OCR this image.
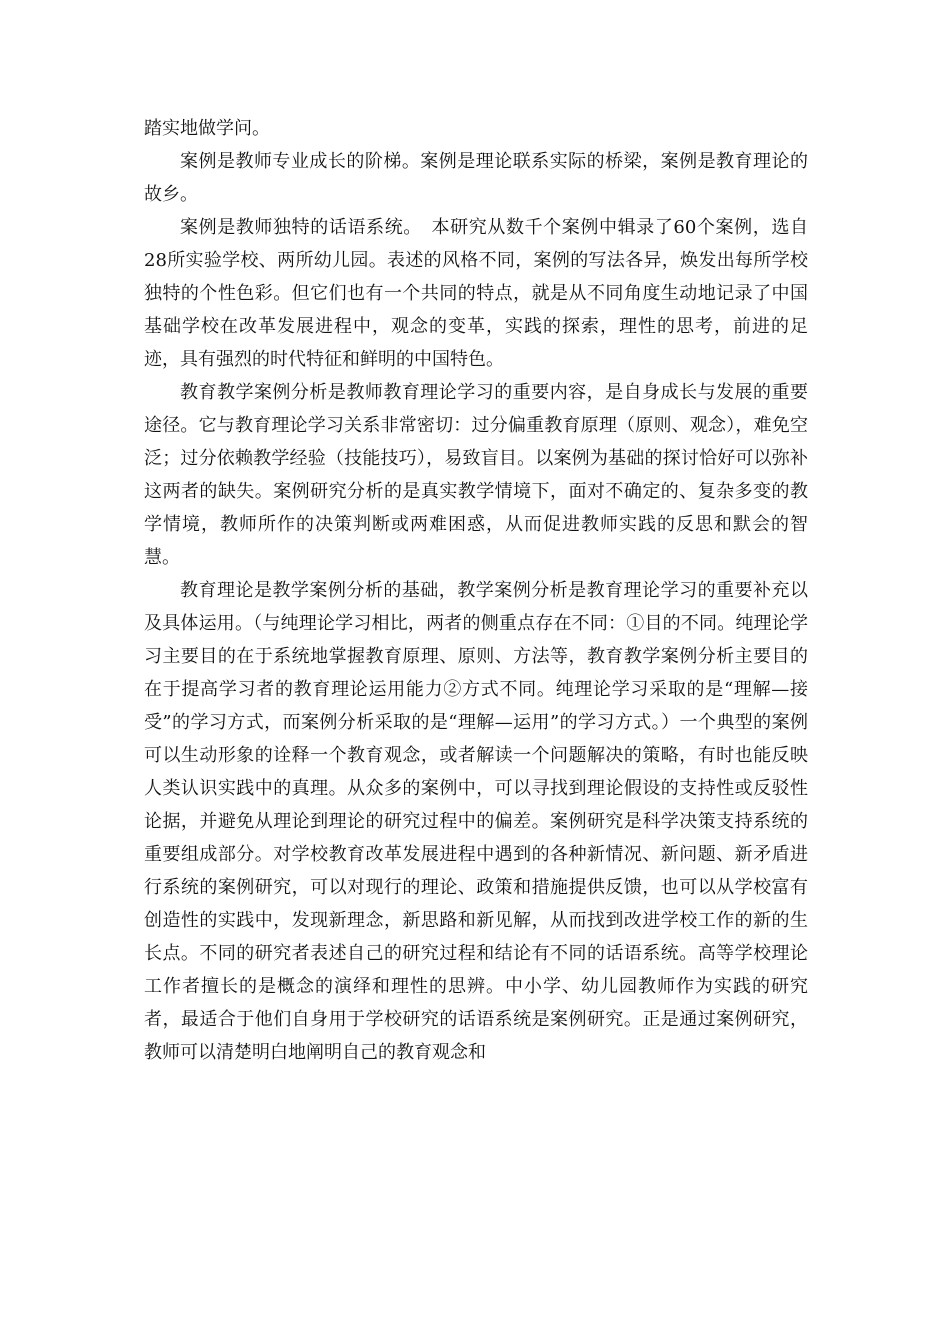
踏实地做学问。

案例是教师专业成长的阶梯。案例是理论联系实际的桥梁，案例是教育理论的故乡。

案例是教师独特的话语系统。　本研究从数千个案例中辑录了60个案例，选自28所实验学校、两所幼儿园。表述的风格不同，案例的写法各异，焕发出每所学校独特的个性色彩。但它们也有一个共同的特点，就是从不同角度生动地记录了中国基础学校在改革发展进程中，观念的变革，实践的探索，理性的思考，前进的足迹，具有强烈的时代特征和鲜明的中国特色。

教育教学案例分析是教师教育理论学习的重要内容，是自身成长与发展的重要途径。它与教育理论学习关系非常密切：过分偏重教育原理（原则、观念），难免空泛；过分依赖教学经验（技能技巧），易致盲目。以案例为基础的探讨恰好可以弥补这两者的缺失。案例研究分析的是真实教学情境下，面对不确定的、复杂多变的教学情境，教师所作的决策判断或两难困惑，从而促进教师实践的反思和默会的智慧。

教育理论是教学案例分析的基础，教学案例分析是教育理论学习的重要补充以及具体运用。（与纯理论学习相比，两者的侧重点存在不同：①目的不同。纯理论学习主要目的在于系统地掌握教育原理、原则、方法等，教育教学案例分析主要目的在于提高学习者的教育理论运用能力②方式不同。纯理论学习采取的是“理解—接受”的学习方式，而案例分析采取的是“理解—运用”的学习方式。）一个典型的案例可以生动形象的诠释一个教育观念，或者解读一个问题解决的策略，有时也能反映人类认识实践中的真理。从众多的案例中，可以寻找到理论假设的支持性或反驳性论据，并避免从理论到理论的研究过程中的偏差。案例研究是科学决策支持系统的重要组成部分。对学校教育改革发展进程中遇到的各种新情况、新问题、新矛盾进行系统的案例研究，可以对现行的理论、政策和措施提供反馈，也可以从学校富有创造性的实践中，发现新理念，新思路和新见解，从而找到改进学校工作的新的生长点。不同的研究者表述自己的研究过程和结论有不同的话语系统。高等学校理论工作者擅长的是概念的演绎和理性的思辨。中小学、幼儿园教师作为实践的研究者，最适合于他们自身用于学校研究的话语系统是案例研究。正是通过案例研究，教师可以清楚明白地阐明自己的教育观念和
